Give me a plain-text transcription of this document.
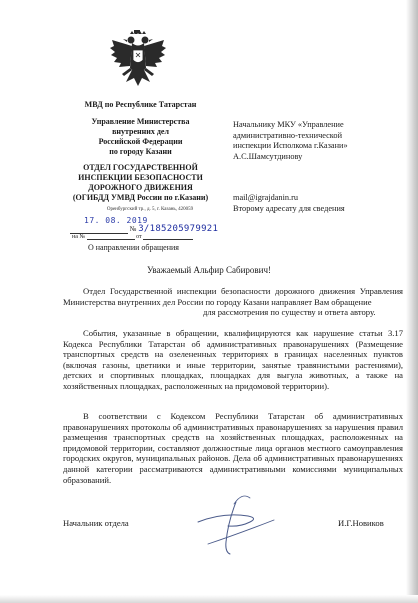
МВД по Республике Татарстан
Управление Министерства
внутренних дел
Российской Федерации
по городу Казани
ОТДЕЛ ГОСУДАРСТВЕННОЙ
ИНСПЕКЦИИ БЕЗОПАСНОСТИ
ДОРОЖНОГО ДВИЖЕНИЯ
(ОГИБДД УМВД России по г.Казани)
Оренбургский тр., д. 5, г. Казань, 420059
17. 08. 2019
№ 3/185205979921
на №	от
О направлении обращения
Начальнику МКУ «Управление
административно-технической
инспекции Исполкома г.Казани»
А.С.Шамсутдинову
mail@igrajdanin.ru
Второму адресату для сведения
Уважаемый Альфир Сабирович!
Отдел Государственной инспекции безопасности дорожного движения Управления Министерства внутренних дел России по городу Казани направляет Вам обращение
для рассмотрения по существу и ответа автору.
События, указанные в обращении, квалифицируются как нарушение статьи 3.17 Кодекса Республики Татарстан об административных правонарушениях (Размещение транспортных средств на озелененных территориях в границах населенных пунктов (включая газоны, цветники и иные территории, занятые травянистыми растениями), детских и спортивных площадках, площадках для выгула животных, а также на хозяйственных площадках, расположенных на придомовой территории).
В соответствии с Кодексом Республики Татарстан об административных правонарушениях протоколы об административных правонарушениях за нарушения правил размещения транспортных средств на хозяйственных площадках, расположенных на придомовой территории, составляют должностные лица органов местного самоуправления городских округов, муниципальных районов. Дела об административных правонарушениях данной категории рассматриваются административными комиссиями муниципальных образований.
Начальник отдела	И.Г.Новиков
